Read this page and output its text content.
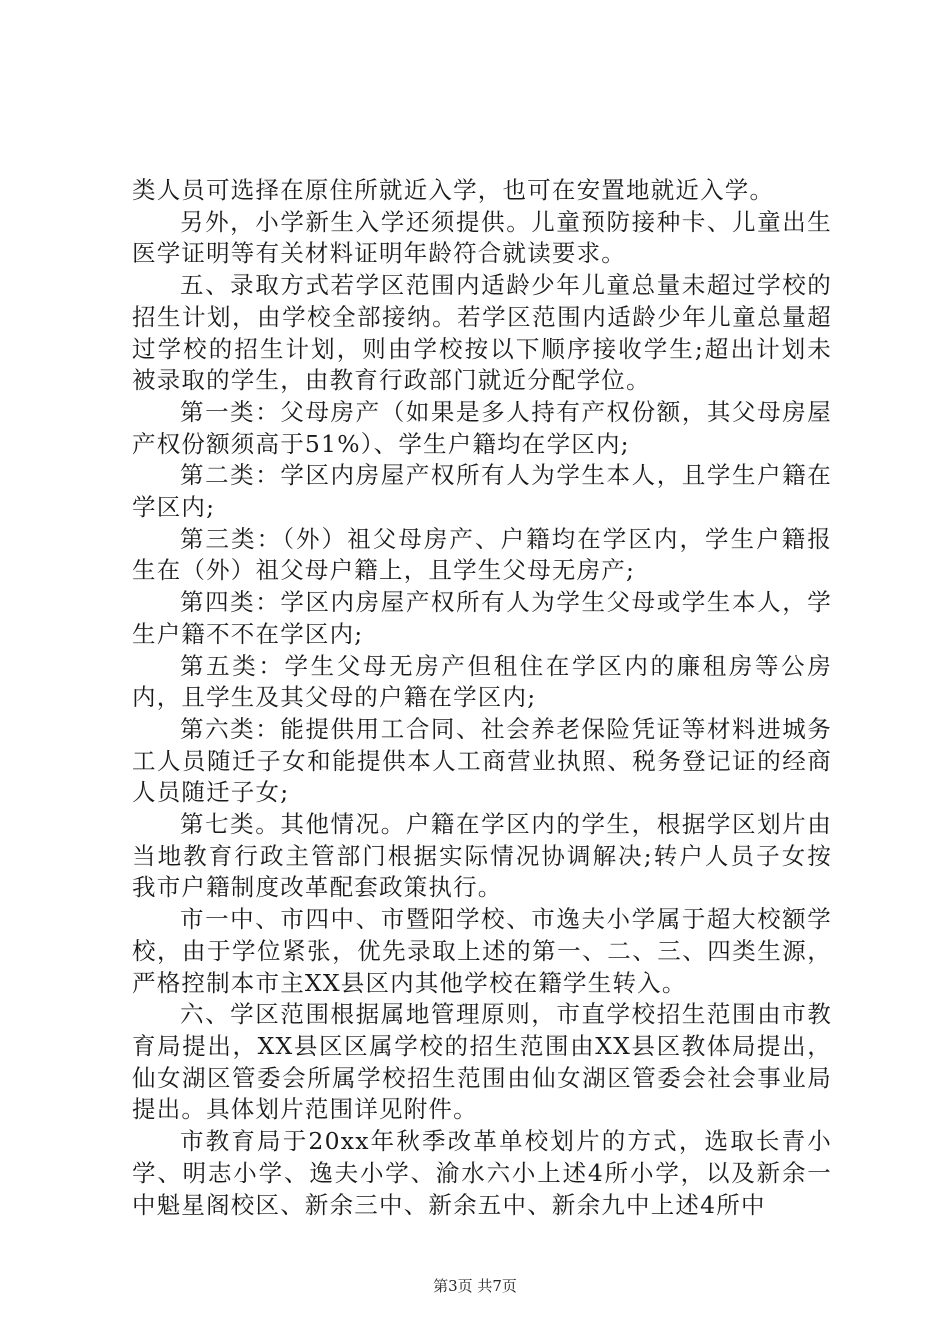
类人员可选择在原住所就近入学，也可在安置地就近入学。

另外，小学新生入学还须提供。儿童预防接种卡、儿童出生医学证明等有关材料证明年龄符合就读要求。

五、录取方式若学区范围内适龄少年儿童总量未超过学校的招生计划，由学校全部接纳。若学区范围内适龄少年儿童总量超过学校的招生计划，则由学校按以下顺序接收学生;超出计划未被录取的学生，由教育行政部门就近分配学位。

第一类：父母房产（如果是多人持有产权份额，其父母房屋产权份额须高于51%）、学生户籍均在学区内;

第二类：学区内房屋产权所有人为学生本人，且学生户籍在学区内;

第三类：（外）祖父母房产、户籍均在学区内，学生户籍报生在（外）祖父母户籍上，且学生父母无房产;

第四类：学区内房屋产权所有人为学生父母或学生本人，学生户籍不不在学区内;

第五类：学生父母无房产但租住在学区内的廉租房等公房内，且学生及其父母的户籍在学区内;

第六类：能提供用工合同、社会养老保险凭证等材料进城务工人员随迁子女和能提供本人工商营业执照、税务登记证的经商人员随迁子女;

第七类。其他情况。户籍在学区内的学生，根据学区划片由当地教育行政主管部门根据实际情况协调解决;转户人员子女按我市户籍制度改革配套政策执行。

市一中、市四中、市暨阳学校、市逸夫小学属于超大校额学校，由于学位紧张，优先录取上述的第一、二、三、四类生源，严格控制本市主XX县区内其他学校在籍学生转入。

六、学区范围根据属地管理原则，市直学校招生范围由市教育局提出，XX县区区属学校的招生范围由XX县区教体局提出，仙女湖区管委会所属学校招生范围由仙女湖区管委会社会事业局提出。具体划片范围详见附件。

市教育局于20xx年秋季改革单校划片的方式，选取长青小学、明志小学、逸夫小学、渝水六小上述4所小学，以及新余一中魁星阁校区、新余三中、新余五中、新余九中上述4所中

第3页 共7页
